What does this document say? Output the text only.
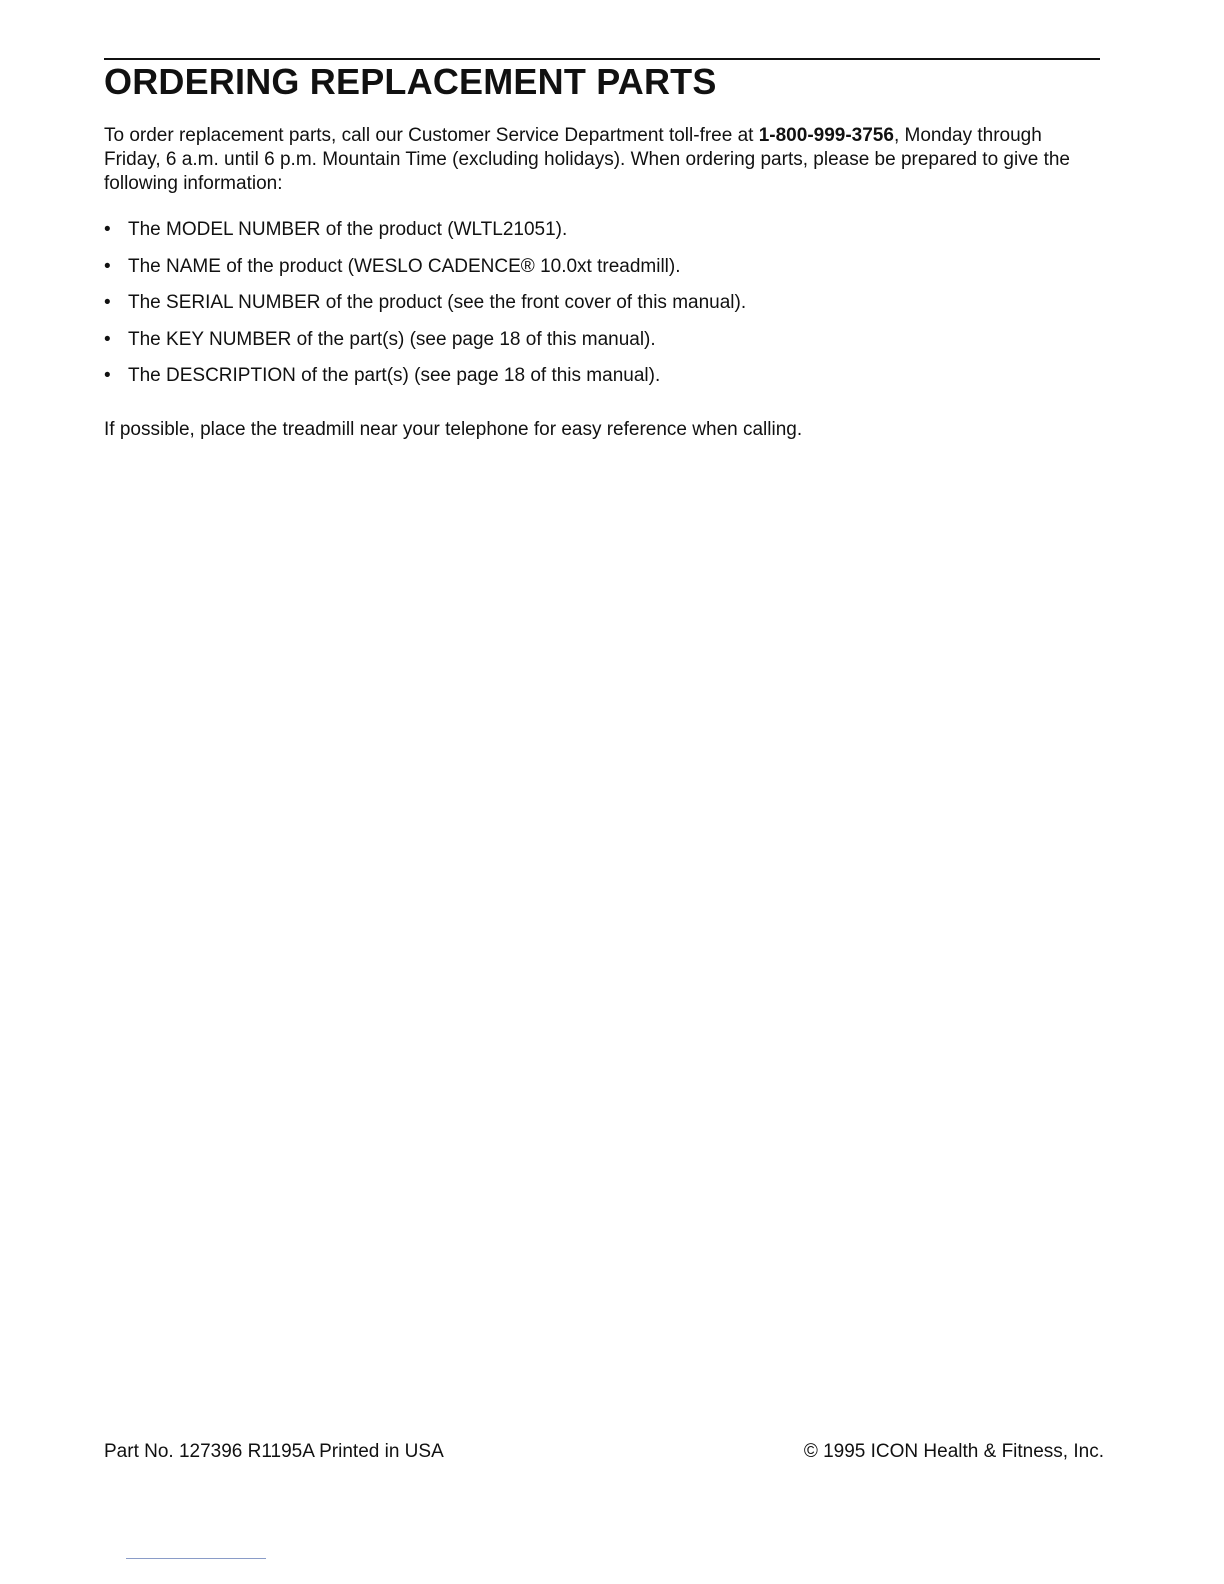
ORDERING REPLACEMENT PARTS

To order replacement parts, call our Customer Service Department toll-free at 1-800-999-3756, Monday through Friday, 6 a.m. until 6 p.m. Mountain Time (excluding holidays). When ordering parts, please be prepared to give the following information:

• The MODEL NUMBER of the product (WLTL21051).
• The NAME of the product (WESLO CADENCE® 10.0xt treadmill).
• The SERIAL NUMBER of the product (see the front cover of this manual).
• The KEY NUMBER of the part(s) (see page 18 of this manual).
• The DESCRIPTION of the part(s) (see page 18 of this manual).

If possible, place the treadmill near your telephone for easy reference when calling.

Part No. 127396 R1195A Printed in USA	© 1995 ICON Health & Fitness, Inc.
